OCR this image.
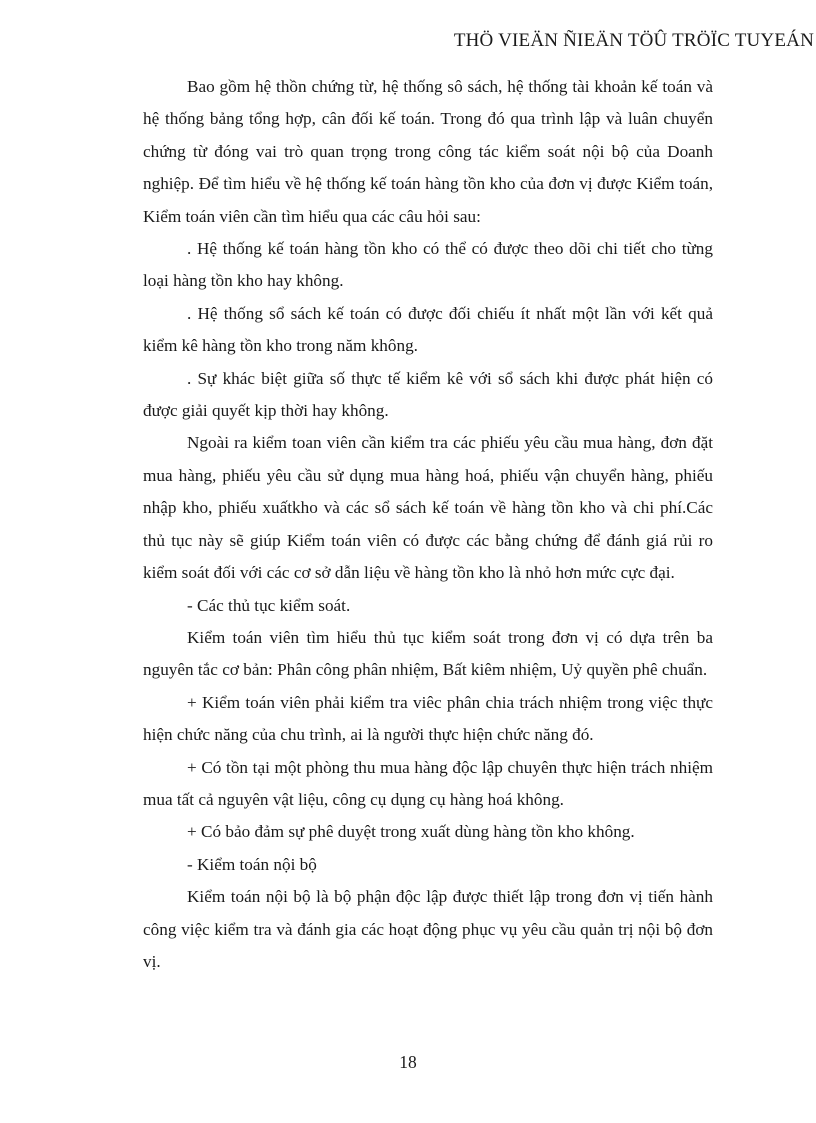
THÖ VIEÄN ÑIEÄN TÖÛ TRÖÏC TUYEÁN

Bao gồm hệ thồn chứng từ, hệ thống sô sách, hệ thống tài khoản kế toán và hệ thống bảng tổng hợp, cân đối kế toán. Trong đó qua trình lập và luân chuyển chứng từ đóng vai trò quan trọng trong công tác kiểm soát nội bộ của Doanh nghiệp. Để tìm hiểu về hệ thống kế toán hàng tồn kho của đơn vị được Kiểm toán, Kiểm toán viên cần tìm hiểu qua các câu hỏi sau:

. Hệ thống kế toán hàng tồn kho có thể có được theo dõi chi tiết cho từng loại hàng tồn kho hay không.

. Hệ thống sổ sách kế toán có được đối chiếu ít nhất một lần với kết quả kiểm kê hàng tồn kho trong năm không.

. Sự khác biệt giữa số thực tế kiểm kê với sổ sách khi được phát hiện có được giải quyết kịp thời hay không.

Ngoài ra kiểm toan viên cần kiểm tra các phiếu yêu cầu mua hàng, đơn đặt mua hàng, phiếu yêu cầu sử dụng mua hàng hoá, phiếu vận chuyển hàng, phiếu nhập kho, phiếu xuấtkho và các sổ sách kế toán về hàng tồn kho và chi phí.Các thủ tục này sẽ giúp Kiểm toán viên có được các bằng chứng để đánh giá rủi ro kiểm soát đối với các cơ sở dẫn liệu về hàng tồn kho là nhỏ hơn mức cực đại.

- Các thủ tục kiểm soát.

Kiểm toán viên tìm hiểu thủ tục kiểm soát trong đơn vị có dựa trên ba nguyên tắc cơ bản: Phân công phân nhiệm, Bất kiêm nhiệm, Uỷ quyền phê chuẩn.

+ Kiểm toán viên phải kiểm tra viêc phân chia trách nhiệm trong việc thực hiện chức năng của chu trình, ai là người thực hiện chức năng đó.

+ Có tồn tại một phòng thu mua hàng độc lập chuyên thực hiện trách nhiệm mua tất cả nguyên vật liệu, công cụ dụng cụ hàng hoá không.

+ Có bảo đảm sự phê duyệt trong xuất dùng hàng tồn kho không.

- Kiểm toán nội bộ

Kiểm toán nội bộ là bộ phận độc lập được thiết lập trong đơn vị tiến hành công việc kiểm tra và đánh gia các hoạt động phục vụ yêu cầu quản trị nội bộ đơn vị.

18
